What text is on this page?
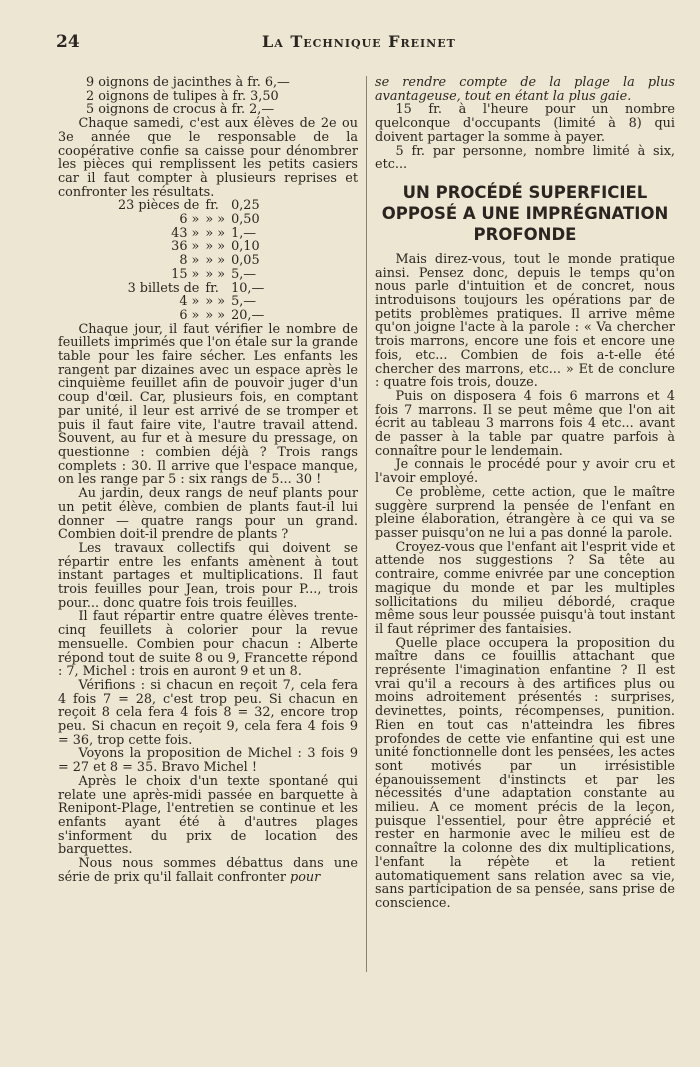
24	La Technique Freinet

9 oignons de jacinthes à fr. 6,—

2 oignons de tulipes à fr. 3,50

5 oignons de crocus à fr. 2,—

Chaque samedi, c'est aux élèves de 2e ou 3e année que le responsable de la coopérative confie sa caisse pour dénombrer les pièces qui remplissent les petits casiers car il faut compter à plusieurs reprises et confronter les résultats.

23 pièces de	fr.	0,25
6 »	» »	0,50
43 »	» »	1,—
36 »	» »	0,10
8 »	» »	0,05
15 »	» »	5,—
3 billets de	fr.	10,—
4 »	» »	5,—
6 »	» »	20,—

Chaque jour, il faut vérifier le nombre de feuillets imprimés que l'on étale sur la grande table pour les faire sécher. Les enfants les rangent par dizaines avec un espace après le cinquième feuillet afin de pouvoir juger d'un coup d'œil. Car, plusieurs fois, en comptant par unité, il leur est arrivé de se tromper et puis il faut faire vite, l'autre travail attend. Souvent, au fur et à mesure du pressage, on questionne : combien déjà ? Trois rangs complets : 30. Il arrive que l'espace manque, on les range par 5 : six rangs de 5... 30 !

Au jardin, deux rangs de neuf plants pour un petit élève, combien de plants faut-il lui donner — quatre rangs pour un grand. Combien doit-il prendre de plants ?

Les travaux collectifs qui doivent se répartir entre les enfants amènent à tout instant partages et multiplications. Il faut trois feuilles pour Jean, trois pour P..., trois pour... donc quatre fois trois feuilles.

Il faut répartir entre quatre élèves trente-cinq feuillets à colorier pour la revue mensuelle. Combien pour chacun : Alberte répond tout de suite 8 ou 9, Francette répond : 7, Michel : trois en auront 9 et un 8.

Vérifions : si chacun en reçoit 7, cela fera 4 fois 7 = 28, c'est trop peu. Si chacun en reçoit 8 cela fera 4 fois 8 = 32, encore trop peu. Si chacun en reçoit 9, cela fera 4 fois 9 = 36, trop cette fois.

Voyons la proposition de Michel : 3 fois 9 = 27 et 8 = 35. Bravo Michel !

Après le choix d'un texte spontané qui relate une après-midi passée en barquette à Renipont-Plage, l'entretien se continue et les enfants ayant été à d'autres plages s'informent du prix de location des barquettes.

Nous nous sommes débattus dans une série de prix qu'il fallait confronter pour

se rendre compte de la plage la plus avantageuse, tout en étant la plus gaie.

15 fr. à l'heure pour un nombre quelconque d'occupants (limité à 8) qui doivent partager la somme à payer.

5 fr. par personne, nombre limité à six, etc...

UN PROCÉDÉ SUPERFICIEL OPPOSÉ A UNE IMPRÉGNATION PROFONDE

Mais direz-vous, tout le monde pratique ainsi. Pensez donc, depuis le temps qu'on nous parle d'intuition et de concret, nous introduisons toujours les opérations par de petits problèmes pratiques. Il arrive même qu'on joigne l'acte à la parole : « Va chercher trois marrons, encore une fois et encore une fois, etc... Combien de fois a-t-elle été chercher des marrons, etc... » Et de conclure : quatre fois trois, douze.

Puis on disposera 4 fois 6 marrons et 4 fois 7 marrons. Il se peut même que l'on ait écrit au tableau 3 marrons fois 4 etc... avant de passer à la table par quatre parfois à connaître pour le lendemain.

Je connais le procédé pour y avoir cru et l'avoir employé.

Ce problème, cette action, que le maître suggère surprend la pensée de l'enfant en pleine élaboration, étrangère à ce qui va se passer puisqu'on ne lui a pas donné la parole.

Croyez-vous que l'enfant ait l'esprit vide et attende nos suggestions ? Sa tête au contraire, comme enivrée par une conception magique du monde et par les multiples sollicitations du milieu débordé, craque même sous leur poussée puisqu'à tout instant il faut réprimer des fantaisies.

Quelle place occupera la proposition du maître dans ce fouillis attachant que représente l'imagination enfantine ? Il est vrai qu'il a recours à des artifices plus ou moins adroitement présentés : surprises, devinettes, points, récompenses, punition. Rien en tout cas n'atteindra les fibres profondes de cette vie enfantine qui est une unité fonctionnelle dont les pensées, les actes sont motivés par un irrésistible épanouissement d'instincts et par les nécessités d'une adaptation constante au milieu. A ce moment précis de la leçon, puisque l'essentiel, pour être apprécié et rester en harmonie avec le milieu est de connaître la colonne des dix multiplications, l'enfant la répète et la retient automatiquement sans relation avec sa vie, sans participation de sa pensée, sans prise de conscience.
